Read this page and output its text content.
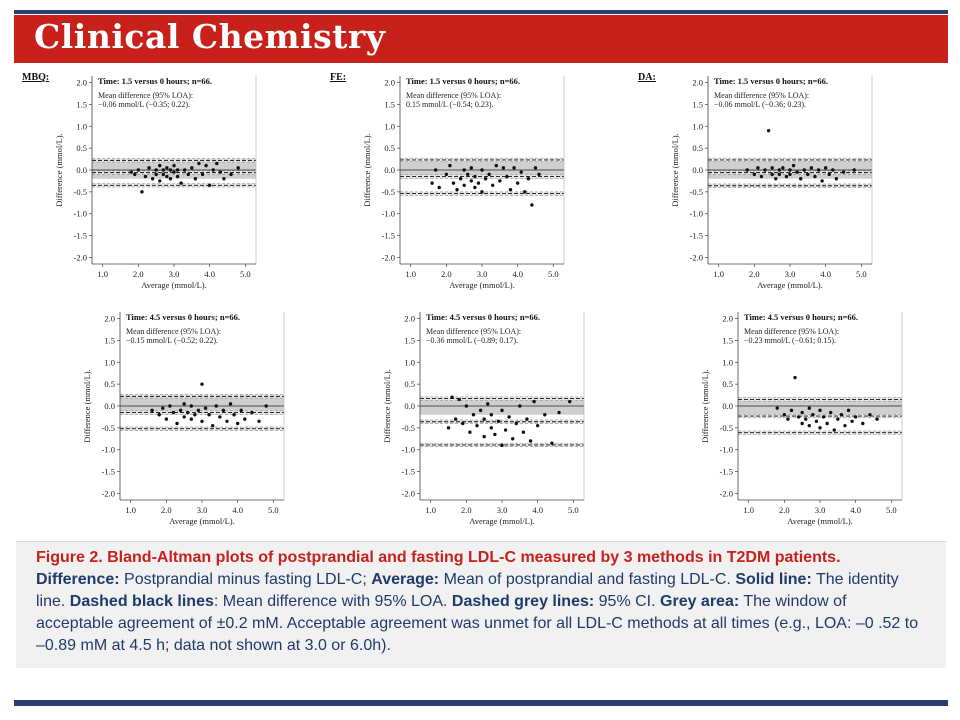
Clinical Chemistry
-2.0
-1.5
-1.0
-0.5
0.0
0.5
1.0
1.5
2.0
1.0	2.0	3.0	4.0	5.0
Average (mmol/L).
Difference (mmol/L).
MBQ:	Time: 1.5 versus 0 hours; n=66.
Mean difference (95% LOA):
−0.06 mmol/L (−0.35; 0.22).
-2.0
-1.5
-1.0
-0.5
0.0
0.5
1.0
1.5
2.0
1.0	2.0	3.0	4.0	5.0
Average (mmol/L).
Difference (mmol/L).
FE:	Time: 1.5 versus 0 hours; n=66.
Mean difference (95% LOA):
0.15 mmol/L (−0.54; 0.23).
-2.0
-1.5
-1.0
-0.5
0.0
0.5
1.0
1.5
2.0
1.0	2.0	3.0	4.0	5.0
Average (mmol/L).
Difference (mmol/L).
DA:	Time: 1.5 versus 0 hours; n=66.
Mean difference (95% LOA):
−0.06 mmol/L (−0.36; 0.23).
-2.0
-1.5
-1.0
-0.5
0.0
0.5
1.0
1.5
2.0
1.0	2.0	3.0	4.0	5.0
Average (mmol/L).
Difference (mmol/L).
Time: 4.5 versus 0 hours; n=66.
Mean difference (95% LOA):
−0.15 mmol/L (−0.52; 0.22).
-2.0
-1.5
-1.0
-0.5
0.0
0.5
1.0
1.5
2.0
1.0	2.0	3.0	4.0	5.0
Average (mmol/L).
Difference (mmol/L).
Time: 4.5 versus 0 hours; n=66.
Mean difference (95% LOA):
−0.36 mmol/L (−0.89; 0.17).
-2.0
-1.5
-1.0
-0.5
0.0
0.5
1.0
1.5
2.0
1.0	2.0	3.0	4.0	5.0
Average (mmol/L).
Difference (mmol/L).
Time: 4.5 versus 0 hours; n=66.
Mean difference (95% LOA):
−0.23 mmol/L (−0.61; 0.15).

Figure 2. Bland-Altman plots of postprandial and fasting LDL-C measured by 3 methods in T2DM patients. Difference: Postprandial minus fasting LDL-C; Average: Mean of postprandial and fasting LDL-C. Solid line: The identity line. Dashed black lines: Mean difference with 95% LOA. Dashed grey lines: 95% CI. Grey area: The window of acceptable agreement of ±0.2 mM. Acceptable agreement was unmet for all LDL-C methods at all times (e.g., LOA: –0 .52 to –0.89 mM at 4.5 h; data not shown at 3.0 or 6.0h).
